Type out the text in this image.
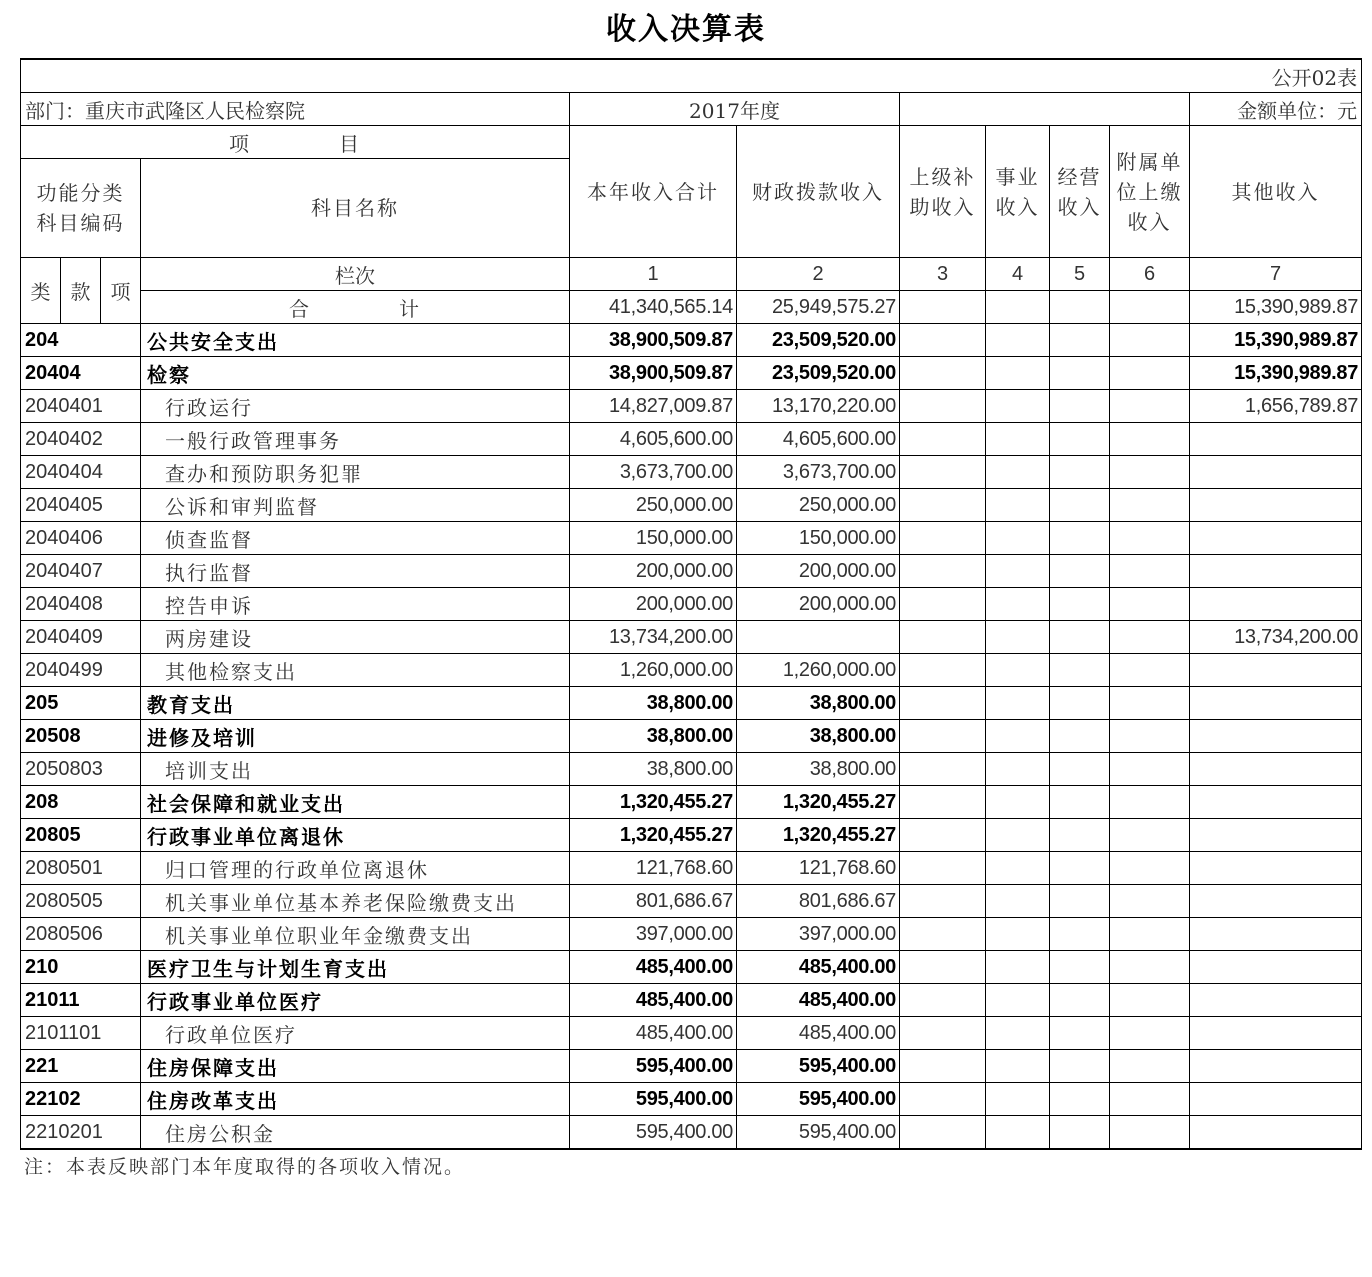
收入决算表
公开02表										
部门：重庆市武隆区人民检察院				2017年度						金额单位：元
项　　　　目				本年收入合计	财政拨款收入	上级补助收入	事业收入	经营收入	附属单位上缴收入	其他收入
功能分类科目编码			科目名称							
类	款	项	栏次	1	2	3	4	5	6	7
			合　　　　计	41,340,565.14	25,949,575.27					15,390,989.87
204			公共安全支出	38,900,509.87	23,509,520.00					15,390,989.87
20404			检察	38,900,509.87	23,509,520.00					15,390,989.87
2040401			行政运行	14,827,009.87	13,170,220.00					1,656,789.87
2040402			一般行政管理事务	4,605,600.00	4,605,600.00					
2040404			查办和预防职务犯罪	3,673,700.00	3,673,700.00					
2040405			公诉和审判监督	250,000.00	250,000.00					
2040406			侦查监督	150,000.00	150,000.00					
2040407			执行监督	200,000.00	200,000.00					
2040408			控告申诉	200,000.00	200,000.00					
2040409			两房建设	13,734,200.00						13,734,200.00
2040499			其他检察支出	1,260,000.00	1,260,000.00					
205			教育支出	38,800.00	38,800.00					
20508			进修及培训	38,800.00	38,800.00					
2050803			培训支出	38,800.00	38,800.00					
208			社会保障和就业支出	1,320,455.27	1,320,455.27					
20805			行政事业单位离退休	1,320,455.27	1,320,455.27					
2080501			归口管理的行政单位离退休	121,768.60	121,768.60					
2080505			机关事业单位基本养老保险缴费支出	801,686.67	801,686.67					
2080506			机关事业单位职业年金缴费支出	397,000.00	397,000.00					
210			医疗卫生与计划生育支出	485,400.00	485,400.00					
21011			行政事业单位医疗	485,400.00	485,400.00					
2101101			行政单位医疗	485,400.00	485,400.00					
221			住房保障支出	595,400.00	595,400.00					
22102			住房改革支出	595,400.00	595,400.00					
2210201			住房公积金	595,400.00	595,400.00					
注：本表反映部门本年度取得的各项收入情况。
